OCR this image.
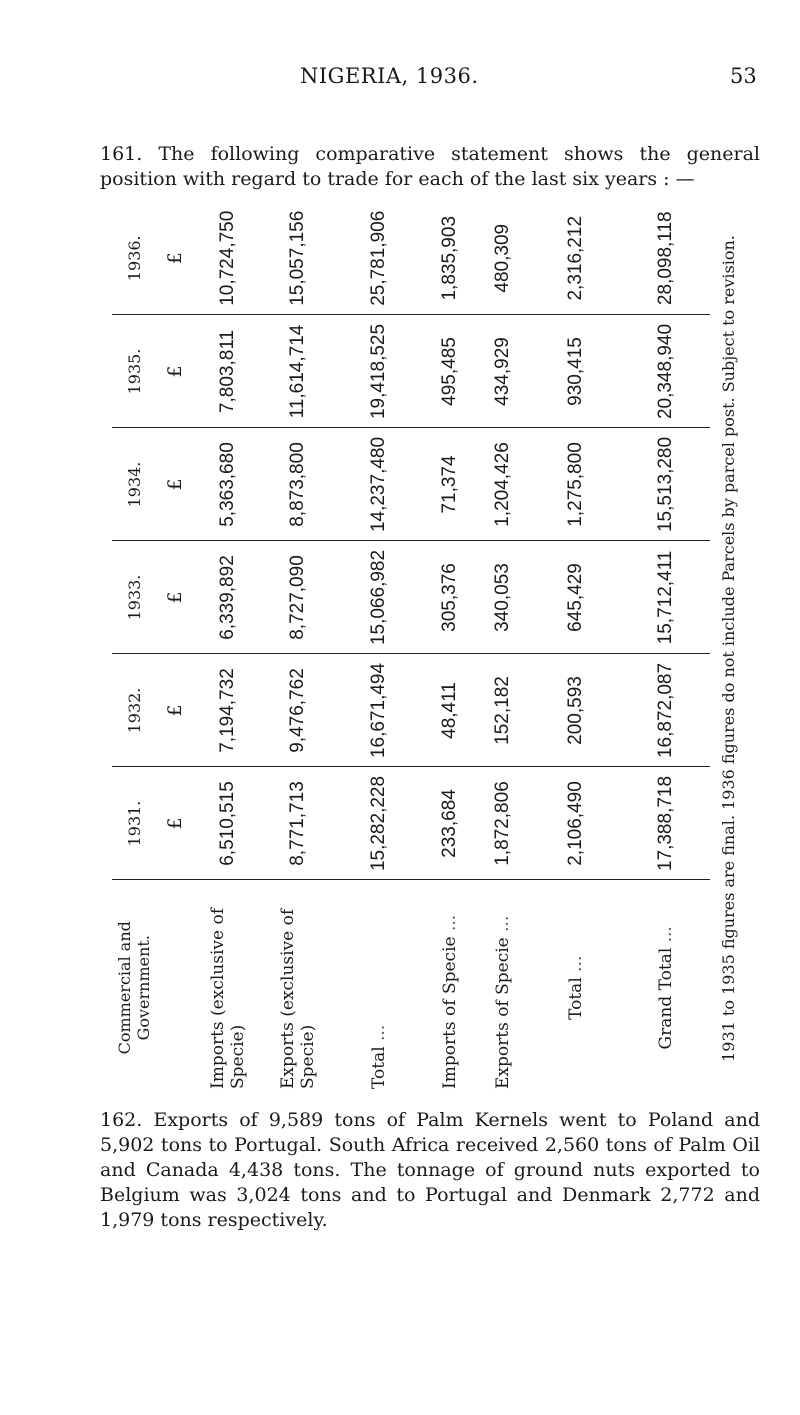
NIGERIA, 1936.	53
161. The following comparative statement shows the general position with regard to trade for each of the last six years : —
Commercial and Government.	1931.	1932.	1933.	1934.	1935.	1936.
	£	£	£	£	£	£
Imports (exclusive of Specie)	6,510,515	7,194,732	6,339,892	5,363,680	7,803,811	10,724,750
Exports (exclusive of Specie)	8,771,713	9,476,762	8,727,090	8,873,800	11,614,714	15,057,156
Total ...	15,282,228	16,671,494	15,066,982	14,237,480	19,418,525	25,781,906
Imports of Specie ...	233,684	48,411	305,376	71,374	495,485	1,835,903
Exports of Specie ...	1,872,806	152,182	340,053	1,204,426	434,929	480,309
Total ...	2,106,490	200,593	645,429	1,275,800	930,415	2,316,212
Grand Total ...	17,388,718	16,872,087	15,712,411	15,513,280	20,348,940	28,098,118	1931 to 1935 figures are final. 1936 figures do not include Parcels by parcel post. Subject to revision.
162. Exports of 9,589 tons of Palm Kernels went to Poland and 5,902 tons to Portugal. South Africa received 2,560 tons of Palm Oil and Canada 4,438 tons. The tonnage of ground nuts exported to Belgium was 3,024 tons and to Portugal and Denmark 2,772 and 1,979 tons respectively.
